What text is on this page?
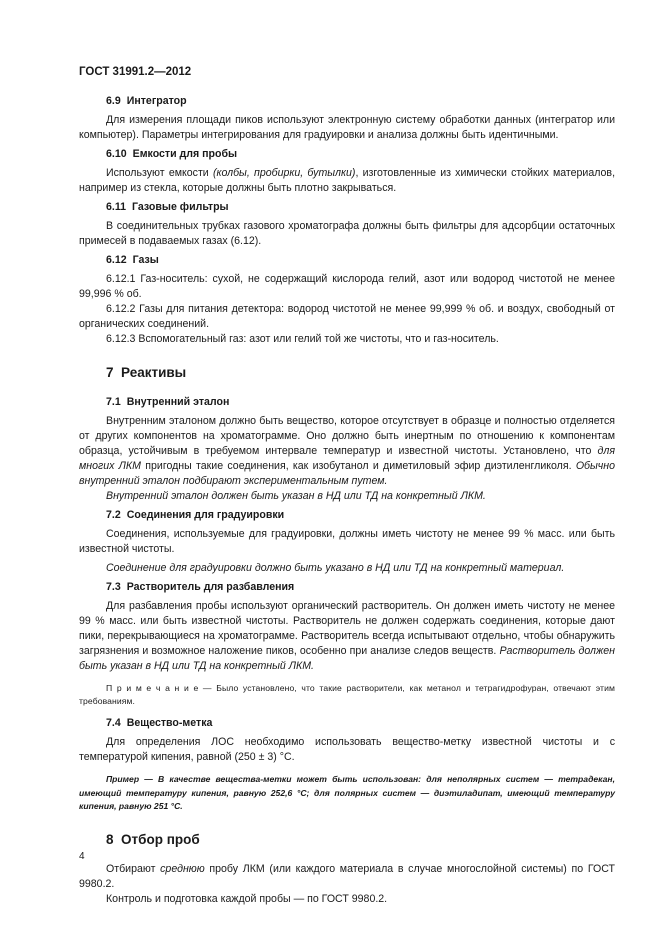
ГОСТ 31991.2—2012
6.9 Интегратор

Для измерения площади пиков используют электронную систему обработки данных (интегратор или компьютер). Параметры интегрирования для градуировки и анализа должны быть идентичными.

6.10 Емкости для пробы

Используют емкости (колбы, пробирки, бутылки), изготовленные из химически стойких материалов, например из стекла, которые должны быть плотно закрываться.

6.11 Газовые фильтры

В соединительных трубках газового хроматографа должны быть фильтры для адсорбции остаточных примесей в подаваемых газах (6.12).

6.12 Газы

6.12.1 Газ-носитель: сухой, не содержащий кислорода гелий, азот или водород чистотой не менее 99,996 % об.

6.12.2 Газы для питания детектора: водород чистотой не менее 99,999 % об. и воздух, свободный от органических соединений.

6.12.3 Вспомогательный газ: азот или гелий той же чистоты, что и газ-носитель.

7 Реактивы
7.1 Внутренний эталон

Внутренним эталоном должно быть вещество, которое отсутствует в образце и полностью отделяется от других компонентов на хроматограмме. Оно должно быть инертным по отношению к компонентам образца, устойчивым в требуемом интервале температур и известной чистоты. Установлено, что для многих ЛКМ пригодны такие соединения, как изобутанол и диметиловый эфир диэтиленгликоля. Обычно внутренний эталон подбирают экспериментальным путем.

Внутренний эталон должен быть указан в НД или ТД на конкретный ЛКМ.

7.2 Соединения для градуировки

Соединения, используемые для градуировки, должны иметь чистоту не менее 99 % масс. или быть известной чистоты.

Соединение для градуировки должно быть указано в НД или ТД на конкретный материал.

7.3 Растворитель для разбавления

Для разбавления пробы используют органический растворитель. Он должен иметь чистоту не менее 99 % масс. или быть известной чистоты. Растворитель не должен содержать соединения, которые дают пики, перекрывающиеся на хроматограмме. Растворитель всегда испытывают отдельно, чтобы обнаружить загрязнения и возможное наложение пиков, особенно при анализе следов веществ. Растворитель должен быть указан в НД или ТД на конкретный ЛКМ.

П р и м е ч а н и е — Было установлено, что такие растворители, как метанол и тетрагидрофуран, отвечают этим требованиям.

7.4 Вещество-метка

Для определения ЛОС необходимо использовать вещество-метку известной чистоты и с температурой кипения, равной (250 ± 3) °С.

Пример — В качестве вещества-метки может быть использован: для неполярных систем — тетрадекан, имеющий температуру кипения, равную 252,6 °С; для полярных систем — диэтиладипат, имеющий температуру кипения, равную 251 °С.

8 Отбор проб

Отбирают среднюю пробу ЛКМ (или каждого материала в случае многослойной системы) по ГОСТ 9980.2.

Контроль и подготовка каждой пробы — по ГОСТ 9980.2.

4
